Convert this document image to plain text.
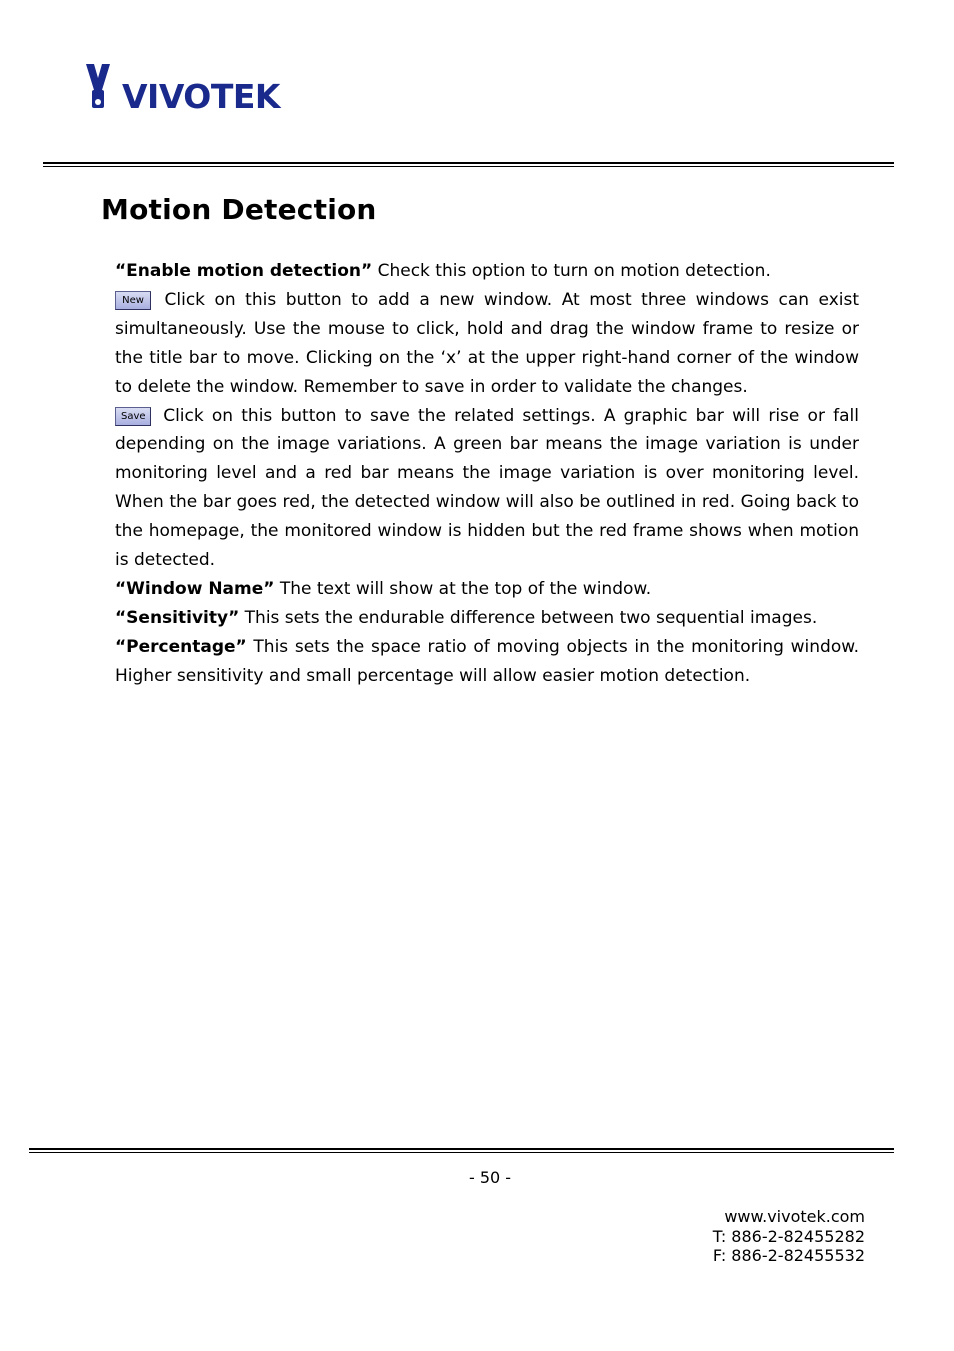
VIVOTEK
Motion Detection

“Enable motion detection” Check this option to turn on motion detection.

New Click on this button to add a new window. At most three windows can exist simultaneously. Use the mouse to click, hold and drag the window frame to resize or the title bar to move. Clicking on the ‘x’ at the upper right-hand corner of the window to delete the window. Remember to save in order to validate the changes.

Save Click on this button to save the related settings. A graphic bar will rise or fall depending on the image variations. A green bar means the image variation is under monitoring level and a red bar means the image variation is over monitoring level. When the bar goes red, the detected window will also be outlined in red. Going back to the homepage, the monitored window is hidden but the red frame shows when motion is detected.

“Window Name” The text will show at the top of the window.

“Sensitivity” This sets the endurable difference between two sequential images.

“Percentage” This sets the space ratio of moving objects in the monitoring window. Higher sensitivity and small percentage will allow easier motion detection.

- 50 -
www.vivotek.com
T: 886-2-82455282
F: 886-2-82455532
